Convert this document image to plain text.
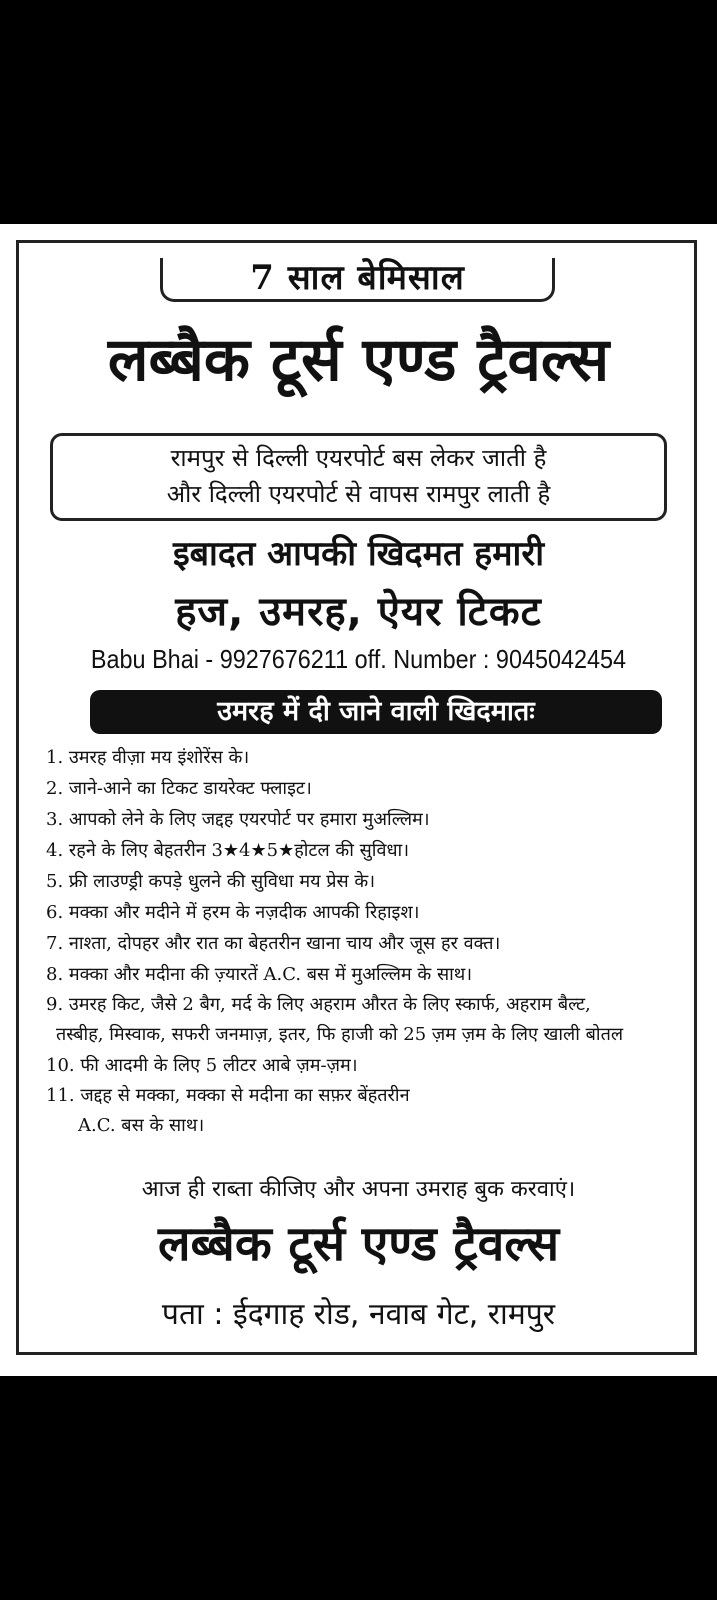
7 साल बेमिसाल
लब्बैक टूर्स एण्ड ट्रैवल्स
रामपुर से दिल्ली एयरपोर्ट बस लेकर जाती है
और दिल्ली एयरपोर्ट से वापस रामपुर लाती है
इबादत आपकी खिदमत हमारी
हज, उमरह, ऐयर टिकट
Babu Bhai - 9927676211 off. Number : 9045042454
उमरह में दी जाने वाली खिदमातः
1. उमरह वीज़ा मय इंशोरेंस के।
2. जाने-आने का टिकट डायरेक्ट फ्लाइट।
3. आपको लेने के लिए जद्दह एयरपोर्ट पर हमारा मुअल्लिम।
4. रहने के लिए बेहतरीन 3★4★5★होटल की सुविधा।
5. फ्री लाउण्ड्री कपड़े धुलने की सुविधा मय प्रेस के।
6. मक्का और मदीने में हरम के नज़दीक आपकी रिहाइश।
7. नाश्ता, दोपहर और रात का बेहतरीन खाना चाय और जूस हर वक्त।
8. मक्का और मदीना की ज़्यारतें A.C. बस में मुअल्लिम के साथ।
9. उमरह किट, जैसे 2 बैग, मर्द के लिए अहराम औरत के लिए स्कार्फ, अहराम बैल्ट,
तस्बीह, मिस्वाक, सफरी जनमाज़, इतर, फि हाजी को 25 ज़म ज़म के लिए खाली बोतल
10. फी आदमी के लिए 5 लीटर आबे ज़म-ज़म।
11. जद्दह से मक्का, मक्का से मदीना का सफ़र बेंहतरीन
A.C. बस के साथ।
आज ही राब्ता कीजिए और अपना उमराह बुक करवाएं।
लब्बैक टूर्स एण्ड ट्रैवल्स
पता : ईदगाह रोड, नवाब गेट, रामपुर
